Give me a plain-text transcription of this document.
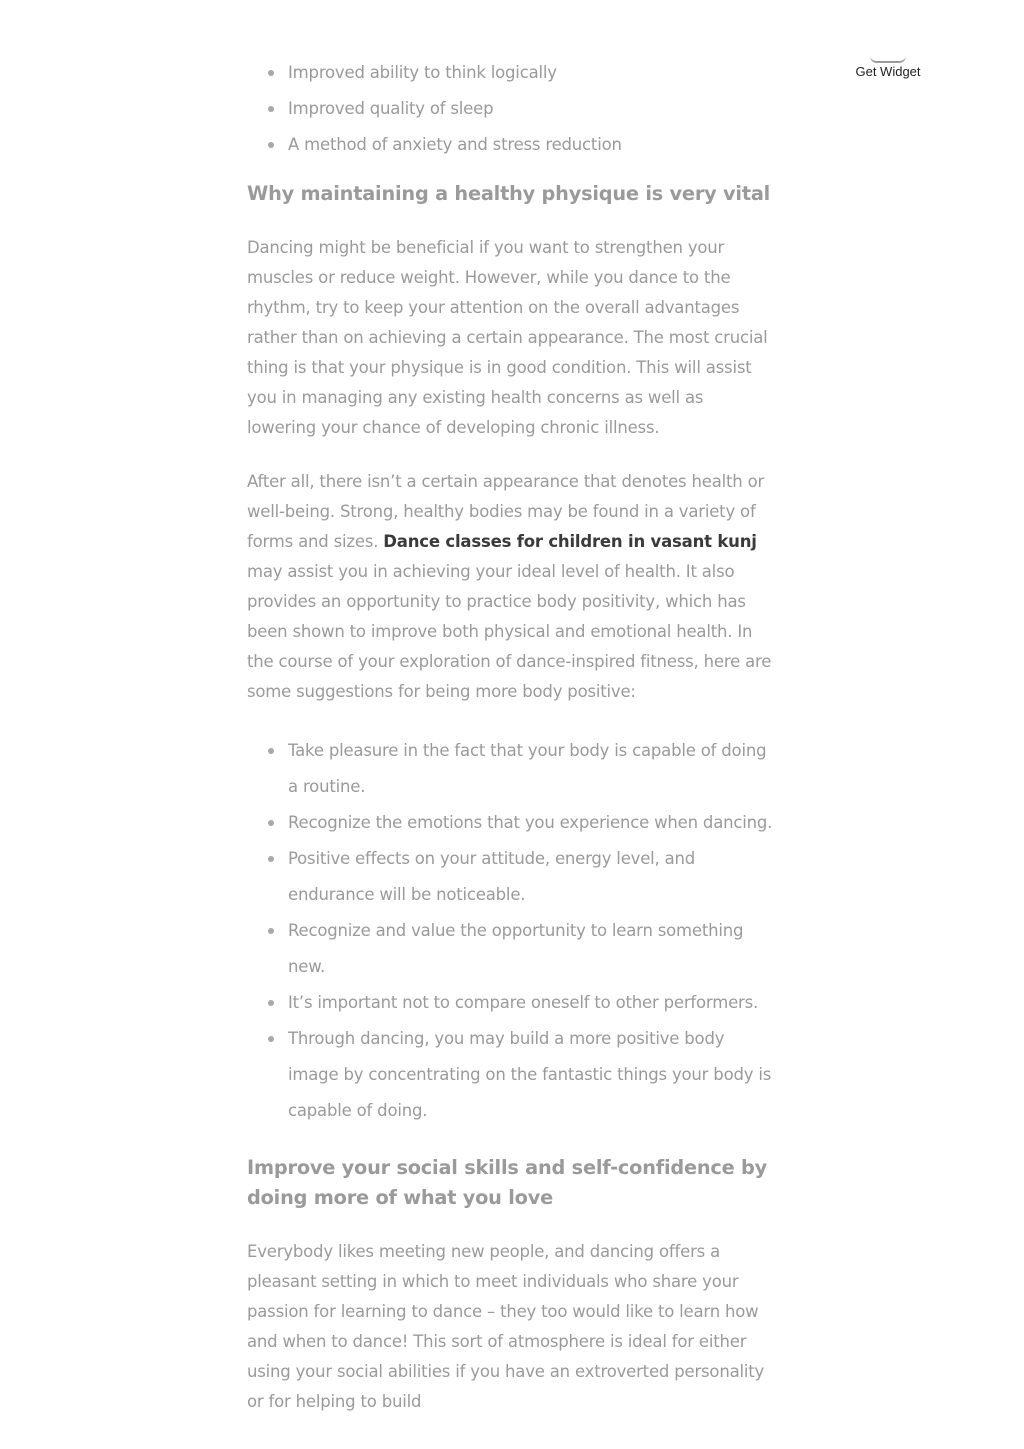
Get Widget
Improved ability to think logically
Improved quality of sleep
A method of anxiety and stress reduction
Why maintaining a healthy physique is very vital

Dancing might be beneficial if you want to strengthen your muscles or reduce weight. However, while you dance to the rhythm, try to keep your attention on the overall advantages rather than on achieving a certain appearance. The most crucial thing is that your physique is in good condition. This will assist you in managing any existing health concerns as well as lowering your chance of developing chronic illness.

After all, there isn’t a certain appearance that denotes health or well-being. Strong, healthy bodies may be found in a variety of forms and sizes. Dance classes for children in vasant kunj may assist you in achieving your ideal level of health. It also provides an opportunity to practice body positivity, which has been shown to improve both physical and emotional health. In the course of your exploration of dance-inspired fitness, here are some suggestions for being more body positive:

Take pleasure in the fact that your body is capable of doing a routine.
Recognize the emotions that you experience when dancing.
Positive effects on your attitude, energy level, and endurance will be noticeable.
Recognize and value the opportunity to learn something new.
It’s important not to compare oneself to other performers.
Through dancing, you may build a more positive body image by concentrating on the fantastic things your body is capable of doing.
Improve your social skills and self-confidence by doing more of what you love

Everybody likes meeting new people, and dancing offers a pleasant setting in which to meet individuals who share your passion for learning to dance – they too would like to learn how and when to dance! This sort of atmosphere is ideal for either using your social abilities if you have an extroverted personality or for helping to build
